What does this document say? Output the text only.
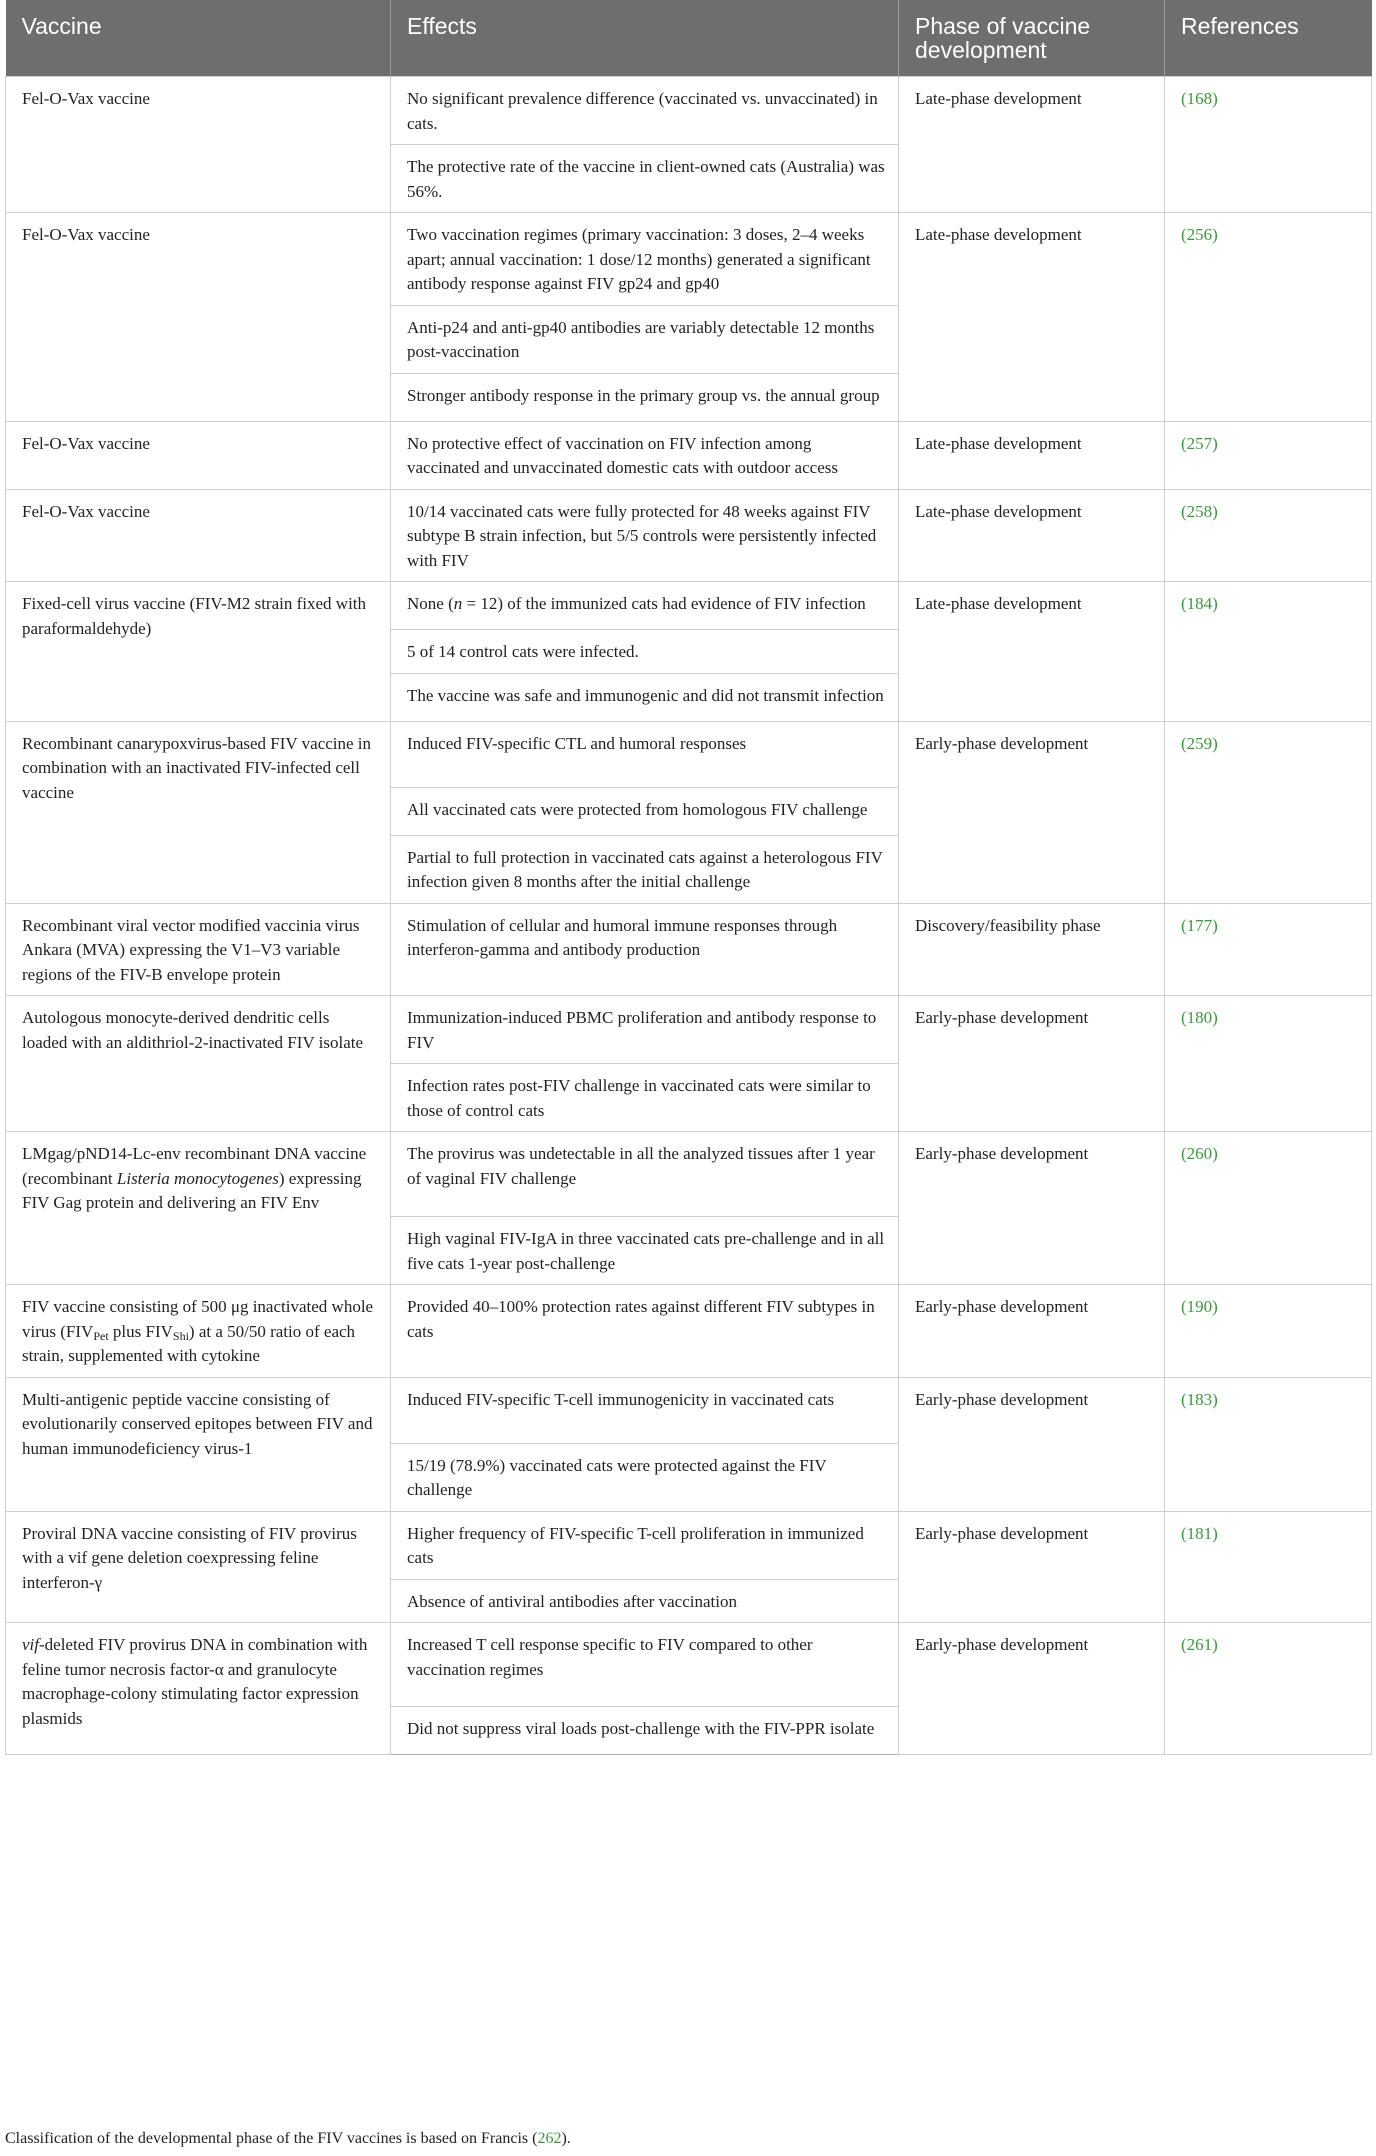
Vaccine	Effects	Phase of vaccine development	References
Fel-O-Vax vaccine	No significant prevalence difference (vaccinated vs. unvaccinated) in cats.	Late-phase development	(168)
	The protective rate of the vaccine in client-owned cats (Australia) was 56%.		
Fel-O-Vax vaccine	Two vaccination regimes (primary vaccination: 3 doses, 2–4 weeks apart; annual vaccination: 1 dose/12 months) generated a significant antibody response against FIV gp24 and gp40	Late-phase development	(256)
	Anti-p24 and anti-gp40 antibodies are variably detectable 12 months post-vaccination		
	Stronger antibody response in the primary group vs. the annual group		
Fel-O-Vax vaccine	No protective effect of vaccination on FIV infection among vaccinated and unvaccinated domestic cats with outdoor access	Late-phase development	(257)
Fel-O-Vax vaccine	10/14 vaccinated cats were fully protected for 48 weeks against FIV subtype B strain infection, but 5/5 controls were persistently infected with FIV	Late-phase development	(258)
Fixed-cell virus vaccine (FIV-M2 strain fixed with paraformaldehyde)	None (n = 12) of the immunized cats had evidence of FIV infection	Late-phase development	(184)
	5 of 14 control cats were infected.		
	The vaccine was safe and immunogenic and did not transmit infection		
Recombinant canarypoxvirus-based FIV vaccine in combination with an inactivated FIV-infected cell vaccine	Induced FIV-specific CTL and humoral responses	Early-phase development	(259)
	All vaccinated cats were protected from homologous FIV challenge		
	Partial to full protection in vaccinated cats against a heterologous FIV infection given 8 months after the initial challenge		
Recombinant viral vector modified vaccinia virus Ankara (MVA) expressing the V1–V3 variable regions of the FIV-B envelope protein	Stimulation of cellular and humoral immune responses through interferon-gamma and antibody production	Discovery/feasibility phase	(177)
Autologous monocyte-derived dendritic cells loaded with an aldithriol-2-inactivated FIV isolate	Immunization-induced PBMC proliferation and antibody response to FIV	Early-phase development	(180)
	Infection rates post-FIV challenge in vaccinated cats were similar to those of control cats		
LMgag/pND14-Lc-env recombinant DNA vaccine (recombinant Listeria monocytogenes) expressing FIV Gag protein and delivering an FIV Env	The provirus was undetectable in all the analyzed tissues after 1 year of vaginal FIV challenge	Early-phase development	(260)
	High vaginal FIV-IgA in three vaccinated cats pre-challenge and in all five cats 1-year post-challenge		
FIV vaccine consisting of 500 μg inactivated whole virus ($FIV_{Pet}$ plus $FIV_{Shi}$) at a 50/50 ratio of each strain, supplemented with cytokine	Provided 40–100% protection rates against different FIV subtypes in cats	Early-phase development	(190)
Multi-antigenic peptide vaccine consisting of evolutionarily conserved epitopes between FIV and human immunodeficiency virus-1	Induced FIV-specific T-cell immunogenicity in vaccinated cats	Early-phase development	(183)
	15/19 (78.9%) vaccinated cats were protected against the FIV challenge		
Proviral DNA vaccine consisting of FIV provirus with a vif gene deletion coexpressing feline interferon-γ	Higher frequency of FIV-specific T-cell proliferation in immunized cats	Early-phase development	(181)
	Absence of antiviral antibodies after vaccination		
vif-deleted FIV provirus DNA in combination with feline tumor necrosis factor-α and granulocyte macrophage-colony stimulating factor expression plasmids	Increased T cell response specific to FIV compared to other vaccination regimes	Early-phase development	(261)
	Did not suppress viral loads post-challenge with the FIV-PPR isolate		
Classification of the developmental phase of the FIV vaccines is based on Francis (262).
